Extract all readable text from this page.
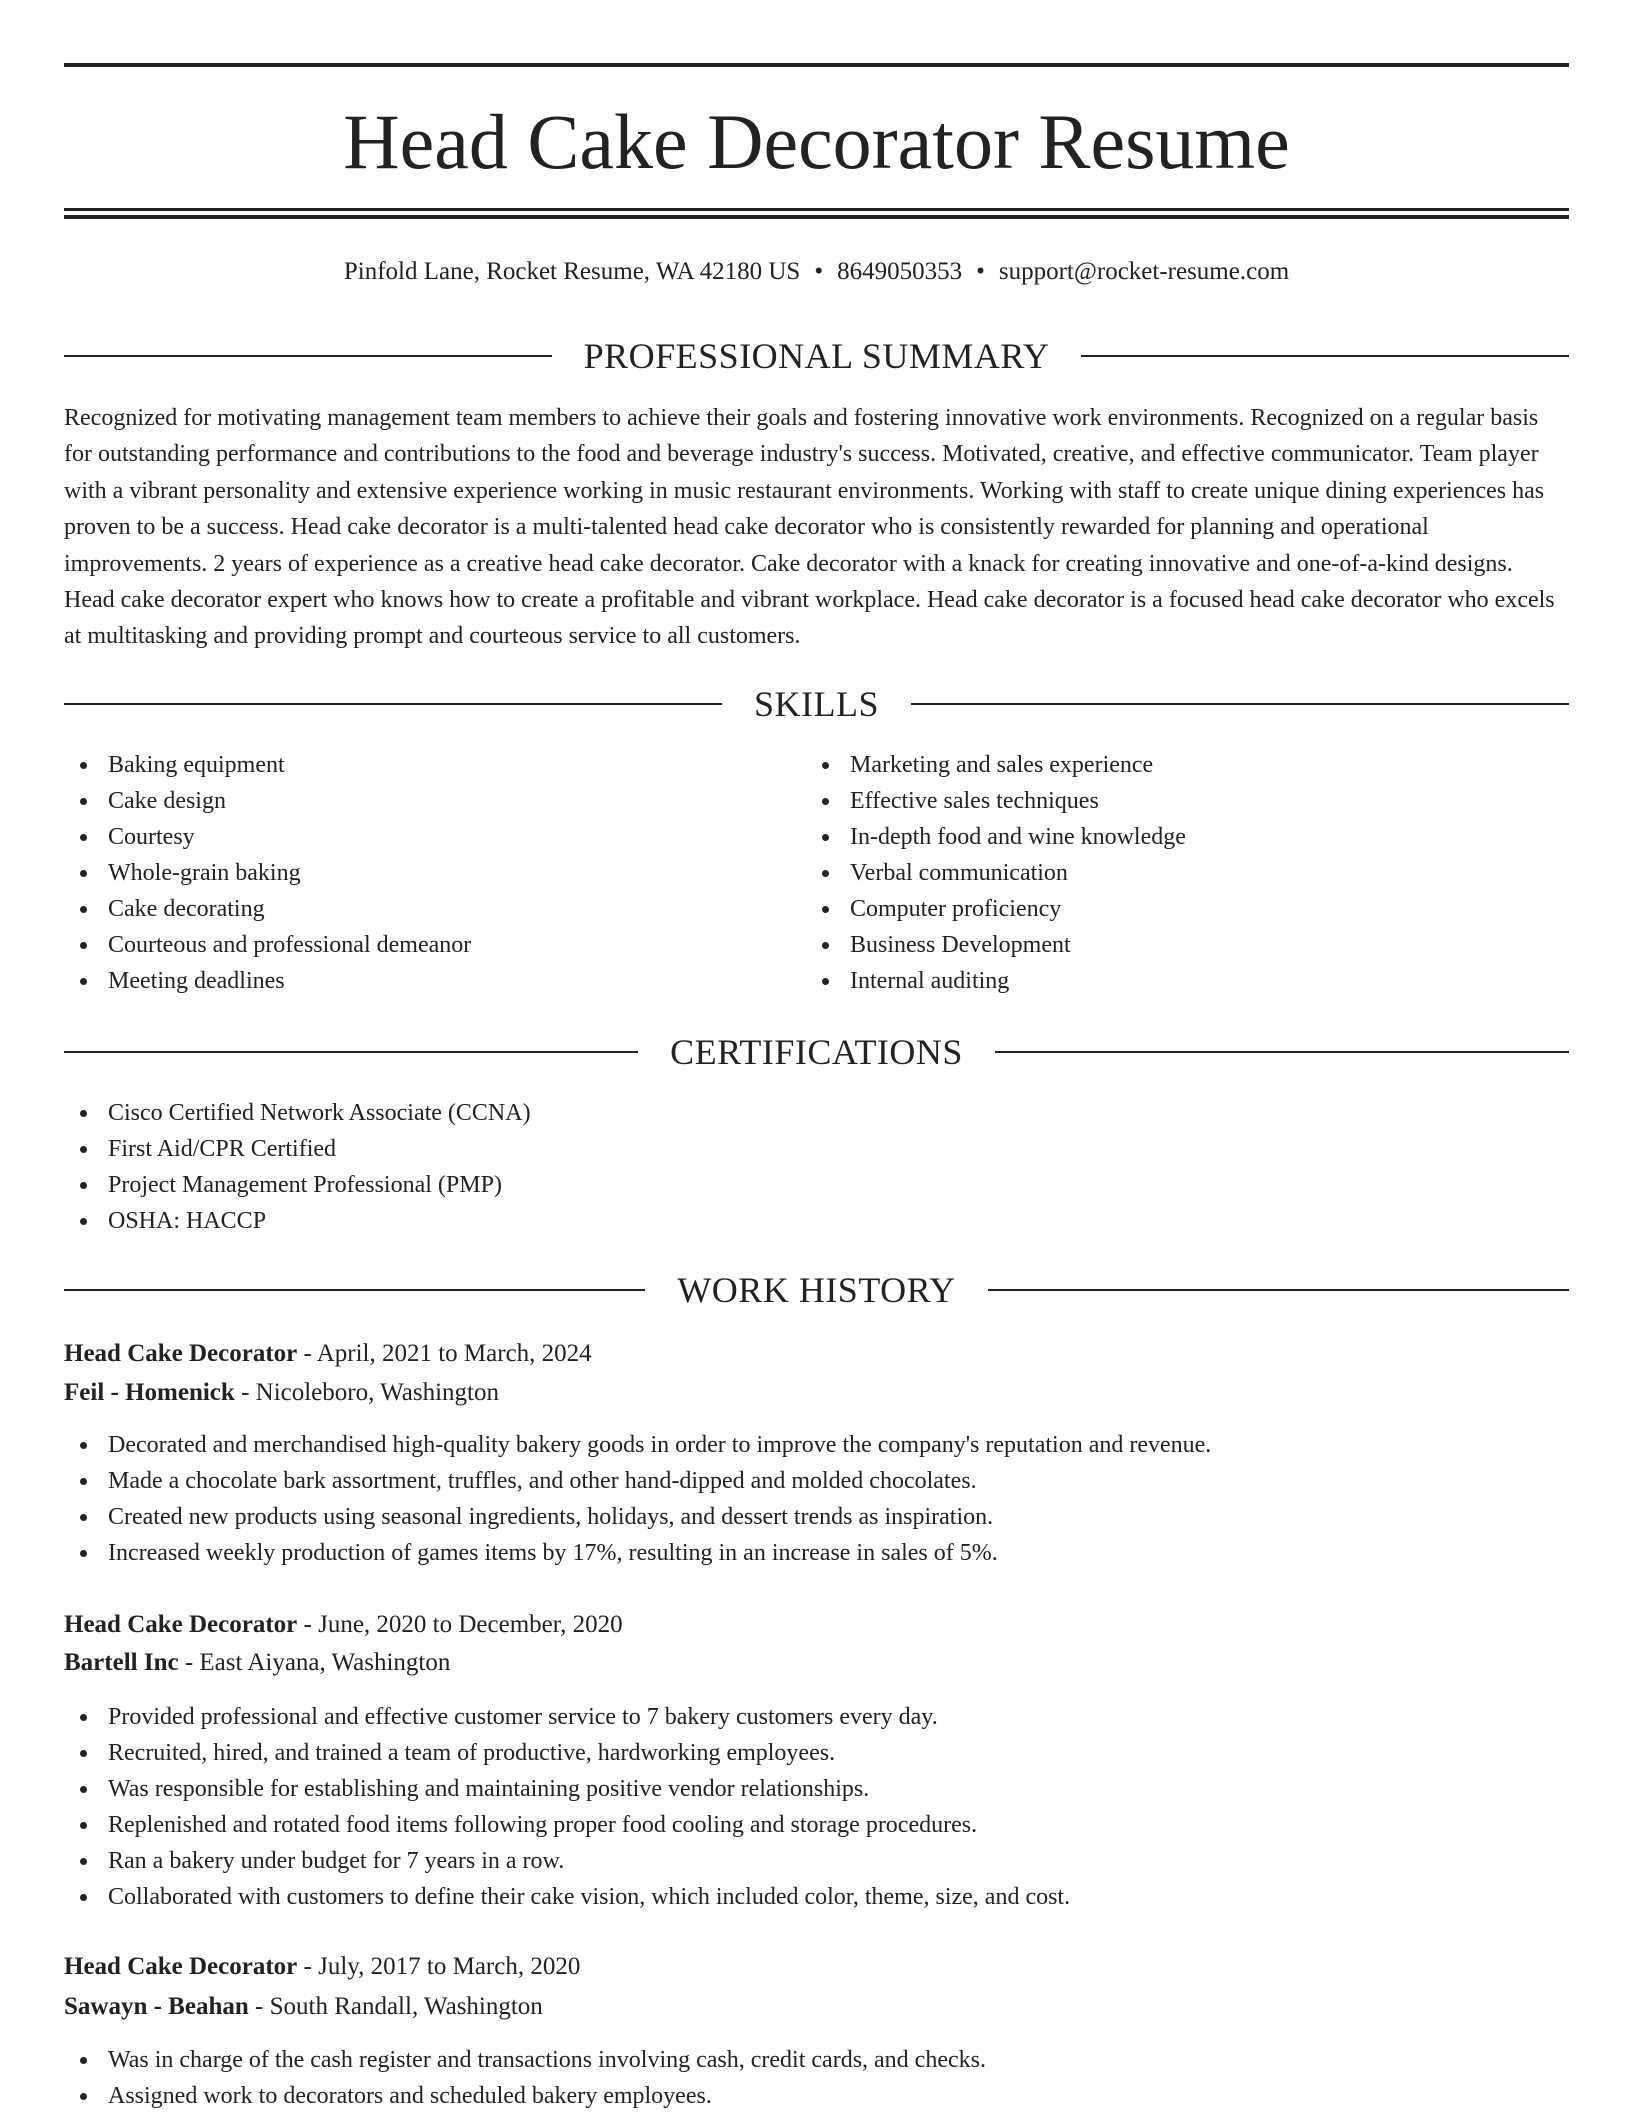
Head Cake Decorator Resume
Pinfold Lane, Rocket Resume, WA 42180 US • 8649050353 • support@rocket-resume.com
PROFESSIONAL SUMMARY

Recognized for motivating management team members to achieve their goals and fostering innovative work environments. Recognized on a regular basis for outstanding performance and contributions to the food and beverage industry's success. Motivated, creative, and effective communicator. Team player with a vibrant personality and extensive experience working in music restaurant environments. Working with staff to create unique dining experiences has proven to be a success. Head cake decorator is a multi-talented head cake decorator who is consistently rewarded for planning and operational improvements. 2 years of experience as a creative head cake decorator. Cake decorator with a knack for creating innovative and one-of-a-kind designs. Head cake decorator expert who knows how to create a profitable and vibrant workplace. Head cake decorator is a focused head cake decorator who excels at multitasking and providing prompt and courteous service to all customers.

SKILLS
Baking equipment
Cake design
Courtesy
Whole-grain baking
Cake decorating
Courteous and professional demeanor
Meeting deadlines
Marketing and sales experience
Effective sales techniques
In-depth food and wine knowledge
Verbal communication
Computer proficiency
Business Development
Internal auditing
CERTIFICATIONS
Cisco Certified Network Associate (CCNA)
First Aid/CPR Certified
Project Management Professional (PMP)
OSHA: HACCP
WORK HISTORY
Head Cake Decorator - April, 2021 to March, 2024
Feil - Homenick - Nicoleboro, Washington
Decorated and merchandised high-quality bakery goods in order to improve the company's reputation and revenue.
Made a chocolate bark assortment, truffles, and other hand-dipped and molded chocolates.
Created new products using seasonal ingredients, holidays, and dessert trends as inspiration.
Increased weekly production of games items by 17%, resulting in an increase in sales of 5%.
Head Cake Decorator - June, 2020 to December, 2020
Bartell Inc - East Aiyana, Washington
Provided professional and effective customer service to 7 bakery customers every day.
Recruited, hired, and trained a team of productive, hardworking employees.
Was responsible for establishing and maintaining positive vendor relationships.
Replenished and rotated food items following proper food cooling and storage procedures.
Ran a bakery under budget for 7 years in a row.
Collaborated with customers to define their cake vision, which included color, theme, size, and cost.
Head Cake Decorator - July, 2017 to March, 2020
Sawayn - Beahan - South Randall, Washington
Was in charge of the cash register and transactions involving cash, credit cards, and checks.
Assigned work to decorators and scheduled bakery employees.
